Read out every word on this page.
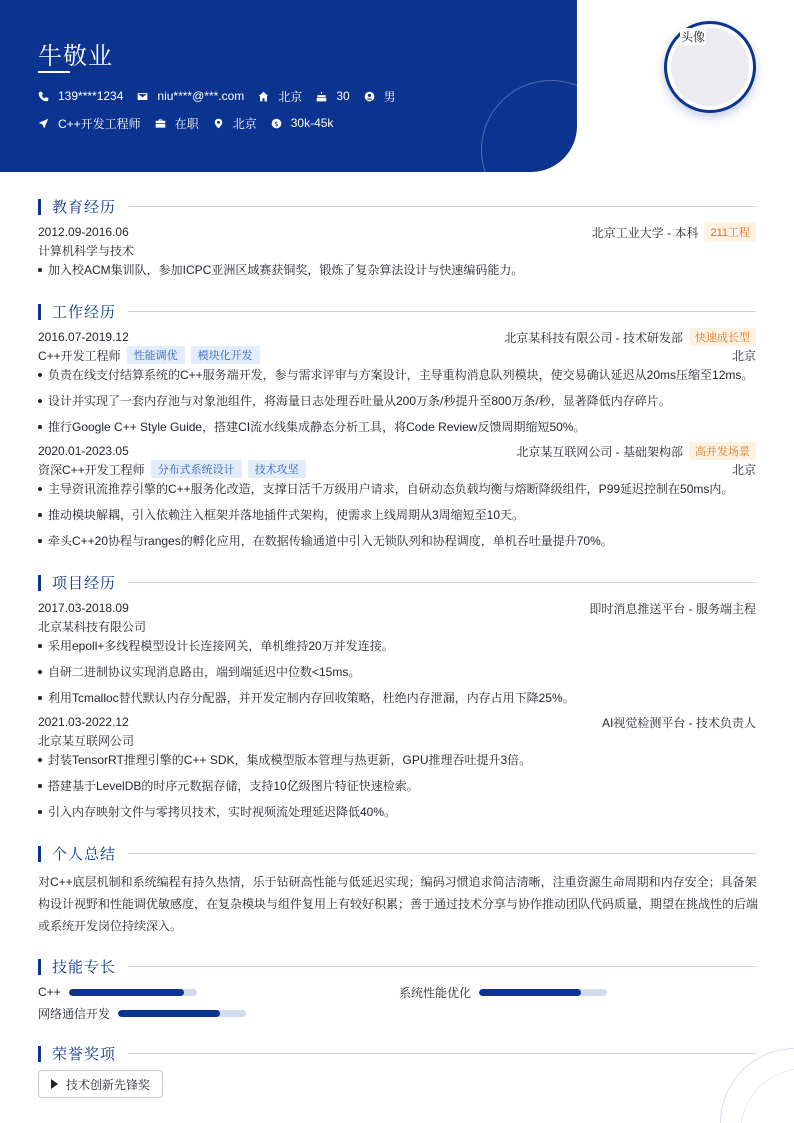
牛敬业
139****1234	niu****@***.com	北京	30	男
C++开发工程师	在职	北京 $ 30k-45k
头像
教育经历
2012.09-2016.06	北京工业大学 - 本科	211工程
计算机科学与技术
加入校ACM集训队，参加ICPC亚洲区域赛获铜奖，锻炼了复杂算法设计与快速编码能力。
工作经历
2016.07-2019.12	北京某科技有限公司 - 技术研发部	快速成长型
C++开发工程师	性能调优	模块化开发	北京
负责在线支付结算系统的C++服务端开发，参与需求评审与方案设计，主导重构消息队列模块，使交易确认延迟从20ms压缩至12ms。
设计并实现了一套内存池与对象池组件，将海量日志处理吞吐量从200万条/秒提升至800万条/秒，显著降低内存碎片。
推行Google C++ Style Guide，搭建CI流水线集成静态分析工具，将Code Review反馈周期缩短50%。
2020.01-2023.05	北京某互联网公司 - 基础架构部	高并发场景
资深C++开发工程师	分布式系统设计	技术攻坚	北京
主导资讯流推荐引擎的C++服务化改造，支撑日活千万级用户请求，自研动态负载均衡与熔断降级组件，P99延迟控制在50ms内。
推动模块解耦，引入依赖注入框架并落地插件式架构，使需求上线周期从3周缩短至10天。
牵头C++20协程与ranges的孵化应用，在数据传输通道中引入无锁队列和协程调度，单机吞吐量提升70%。
项目经历
2017.03-2018.09	即时消息推送平台 - 服务端主程
北京某科技有限公司
采用epoll+多线程模型设计长连接网关，单机维持20万并发连接。
自研二进制协议实现消息路由，端到端延迟中位数<15ms。
利用Tcmalloc替代默认内存分配器，并开发定制内存回收策略，杜绝内存泄漏，内存占用下降25%。
2021.03-2022.12	AI视觉检测平台 - 技术负责人
北京某互联网公司
封装TensorRT推理引擎的C++ SDK，集成模型版本管理与热更新，GPU推理吞吐提升3倍。
搭建基于LevelDB的时序元数据存储，支持10亿级图片特征快速检索。
引入内存映射文件与零拷贝技术，实时视频流处理延迟降低40%。
个人总结
对C++底层机制和系统编程有持久热情，乐于钻研高性能与低延迟实现；编码习惯追求简洁清晰，注重资源生命周期和内存安全；具备架构设计视野和性能调优敏感度，在复杂模块与组件复用上有较好积累；善于通过技术分享与协作推动团队代码质量，期望在挑战性的后端或系统开发岗位持续深入。
技能专长
C++	系统性能优化
网络通信开发
荣誉奖项
技术创新先锋奖
